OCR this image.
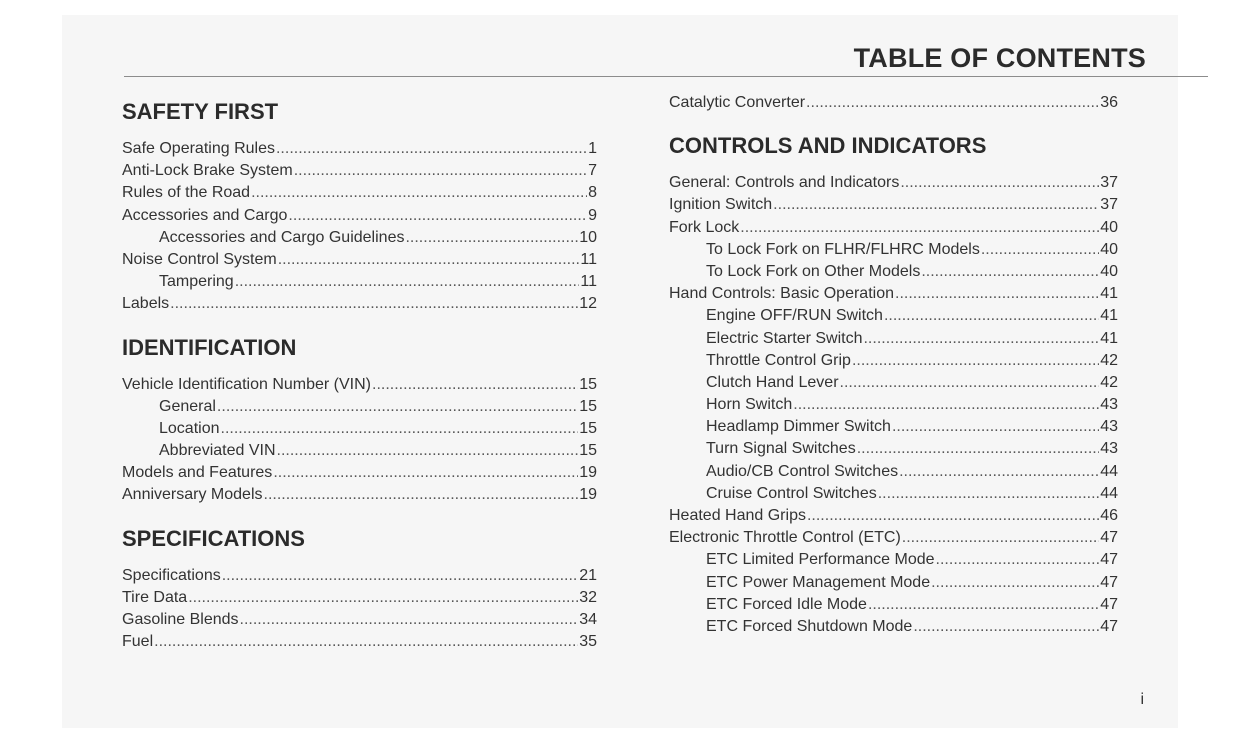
TABLE OF CONTENTS
SAFETY FIRST
Safe Operating Rules .....	1
Anti-Lock Brake System .....	7
Rules of the Road .....	8
Accessories and Cargo .....	9
Accessories and Cargo Guidelines .....	10
Noise Control System .....	11
Tampering .....	11
Labels .....	12
IDENTIFICATION
Vehicle Identification Number (VIN) .....	15
General .....	15
Location .....	15
Abbreviated VIN .....	15
Models and Features .....	19
Anniversary Models .....	19
SPECIFICATIONS
Specifications .....	21
Tire Data .....	32
Gasoline Blends .....	34
Fuel .....	35
Catalytic Converter .....	36
CONTROLS AND INDICATORS
General: Controls and Indicators .....	37
Ignition Switch .....	37
Fork Lock .....	40
To Lock Fork on FLHR/FLHRC Models .....	40
To Lock Fork on Other Models .....	40
Hand Controls: Basic Operation .....	41
Engine OFF/RUN Switch .....	41
Electric Starter Switch .....	41
Throttle Control Grip .....	42
Clutch Hand Lever .....	42
Horn Switch .....	43
Headlamp Dimmer Switch .....	43
Turn Signal Switches .....	43
Audio/CB Control Switches .....	44
Cruise Control Switches .....	44
Heated Hand Grips .....	46
Electronic Throttle Control (ETC) .....	47
ETC Limited Performance Mode .....	47
ETC Power Management Mode .....	47
ETC Forced Idle Mode .....	47
ETC Forced Shutdown Mode .....	47
i
